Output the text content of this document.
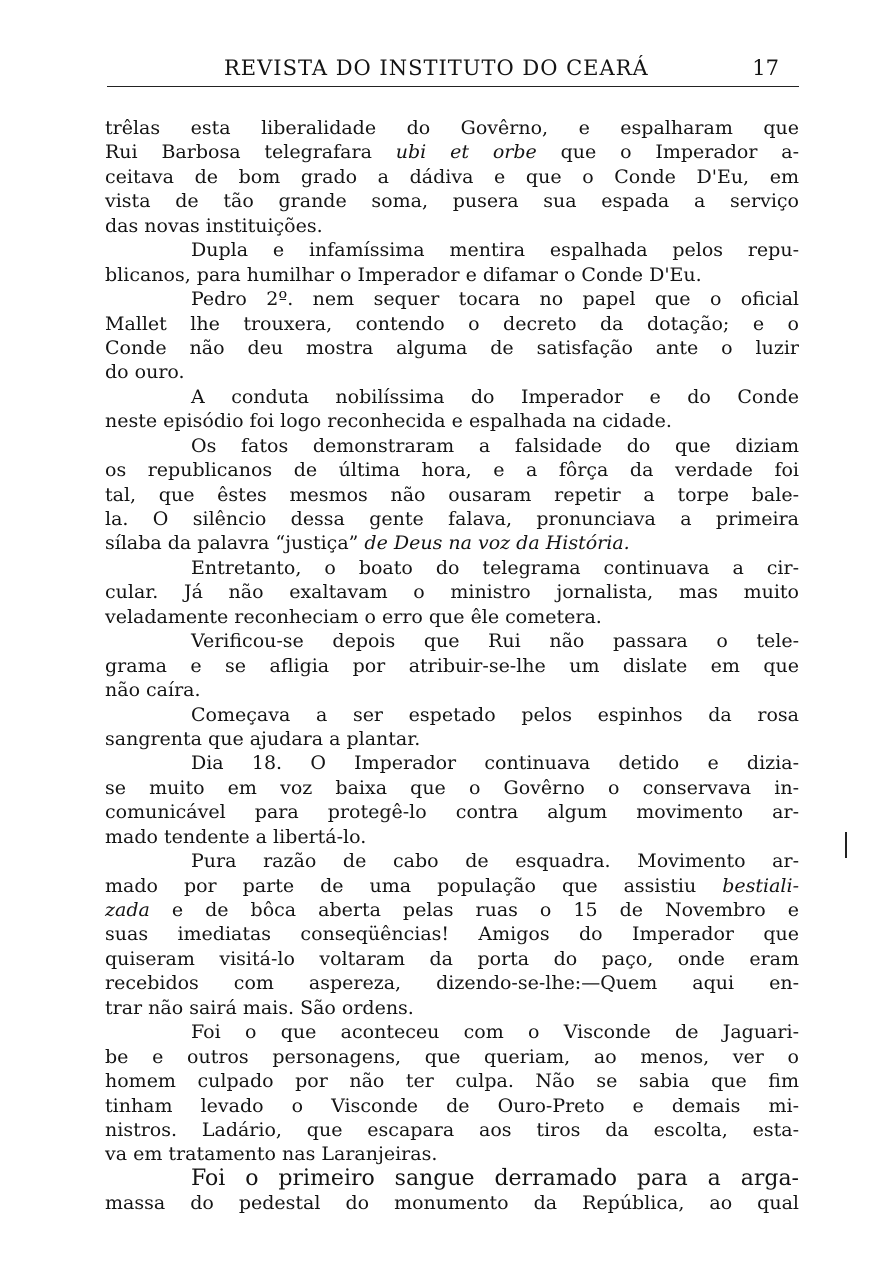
REVISTA DO INSTITUTO DO CEARÁ	17
trêlas esta liberalidade do Govêrno, e espalharam que
Rui Barbosa telegrafara ubi et orbe que o Imperador a-
ceitava de bom grado a dádiva e que o Conde D'Eu, em
vista de tão grande soma, pusera sua espada a serviço
das novas instituições.
Dupla e infamíssima mentira espalhada pelos repu-
blicanos, para humilhar o Imperador e difamar o Conde D'Eu.
Pedro 2º. nem sequer tocara no papel que o oficial
Mallet lhe trouxera, contendo o decreto da dotação; e o
Conde não deu mostra alguma de satisfação ante o luzir
do ouro.
A conduta nobilíssima do Imperador e do Conde
neste episódio foi logo reconhecida e espalhada na cidade.
Os fatos demonstraram a falsidade do que diziam
os republicanos de última hora, e a fôrça da verdade foi
tal, que êstes mesmos não ousaram repetir a torpe bale-
la. O silêncio dessa gente falava, pronunciava a primeira
sílaba da palavra “justiça” de Deus na voz da História.
Entretanto, o boato do telegrama continuava a cir-
cular. Já não exaltavam o ministro jornalista, mas muito
veladamente reconheciam o erro que êle cometera.
Verificou-se depois que Rui não passara o tele-
grama e se afligia por atribuir-se-lhe um dislate em que
não caíra.
Começava a ser espetado pelos espinhos da rosa
sangrenta que ajudara a plantar.
Dia 18. O Imperador continuava detido e dizia-
se muito em voz baixa que o Govêrno o conservava in-
comunicável para protegê-lo contra algum movimento ar-
mado tendente a libertá-lo.
Pura razão de cabo de esquadra. Movimento ar-
mado por parte de uma população que assistiu bestiali-
zada e de bôca aberta pelas ruas o 15 de Novembro e
suas imediatas conseqüências! Amigos do Imperador que
quiseram visitá-lo voltaram da porta do paço, onde eram
recebidos com aspereza, dizendo-se-lhe:—Quem aqui en-
trar não sairá mais. São ordens.
Foi o que aconteceu com o Visconde de Jaguari-
be e outros personagens, que queriam, ao menos, ver o
homem culpado por não ter culpa. Não se sabia que fim
tinham levado o Visconde de Ouro-Preto e demais mi-
nistros. Ladário, que escapara aos tiros da escolta, esta-
va em tratamento nas Laranjeiras.
Foi o primeiro sangue derramado para a arga-
massa do pedestal do monumento da República, ao qual
